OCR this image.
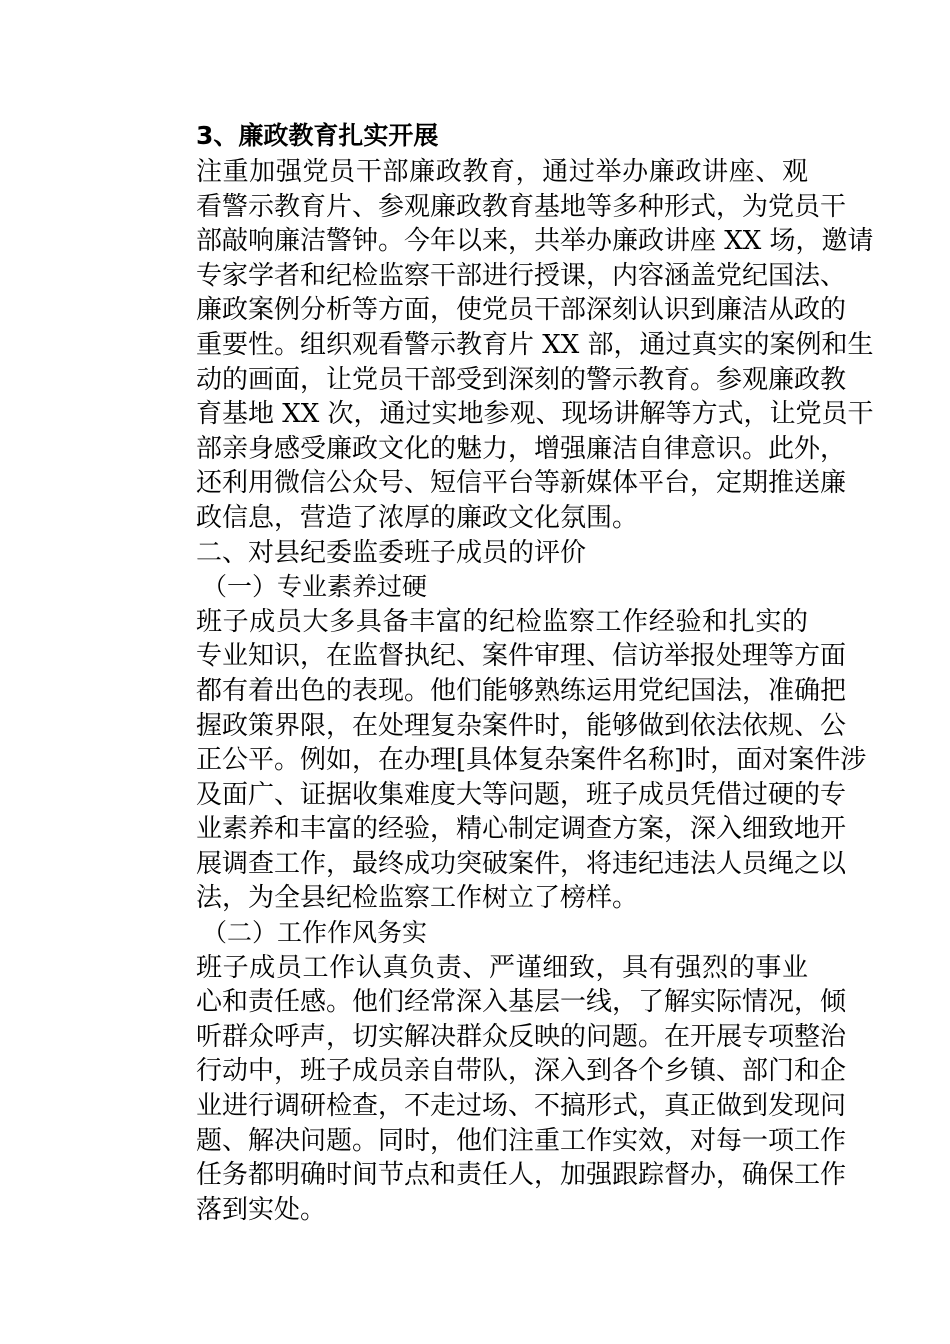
3、廉政教育扎实开展
注重加强党员干部廉政教育，通过举办廉政讲座、观
看警示教育片、参观廉政教育基地等多种形式，为党员干
部敲响廉洁警钟。今年以来，共举办廉政讲座 XX 场，邀请
专家学者和纪检监察干部进行授课，内容涵盖党纪国法、
廉政案例分析等方面，使党员干部深刻认识到廉洁从政的
重要性。组织观看警示教育片 XX 部，通过真实的案例和生
动的画面，让党员干部受到深刻的警示教育。参观廉政教
育基地 XX 次，通过实地参观、现场讲解等方式，让党员干
部亲身感受廉政文化的魅力，增强廉洁自律意识。此外，
还利用微信公众号、短信平台等新媒体平台，定期推送廉
政信息，营造了浓厚的廉政文化氛围。
二、对县纪委监委班子成员的评价
（一）专业素养过硬
班子成员大多具备丰富的纪检监察工作经验和扎实的
专业知识，在监督执纪、案件审理、信访举报处理等方面
都有着出色的表现。他们能够熟练运用党纪国法，准确把
握政策界限，在处理复杂案件时，能够做到依法依规、公
正公平。例如，在办理[具体复杂案件名称]时，面对案件涉
及面广、证据收集难度大等问题，班子成员凭借过硬的专
业素养和丰富的经验，精心制定调查方案，深入细致地开
展调查工作，最终成功突破案件，将违纪违法人员绳之以
法，为全县纪检监察工作树立了榜样。
（二）工作作风务实
班子成员工作认真负责、严谨细致，具有强烈的事业
心和责任感。他们经常深入基层一线，了解实际情况，倾
听群众呼声，切实解决群众反映的问题。在开展专项整治
行动中，班子成员亲自带队，深入到各个乡镇、部门和企
业进行调研检查，不走过场、不搞形式，真正做到发现问
题、解决问题。同时，他们注重工作实效，对每一项工作
任务都明确时间节点和责任人，加强跟踪督办，确保工作
落到实处。
